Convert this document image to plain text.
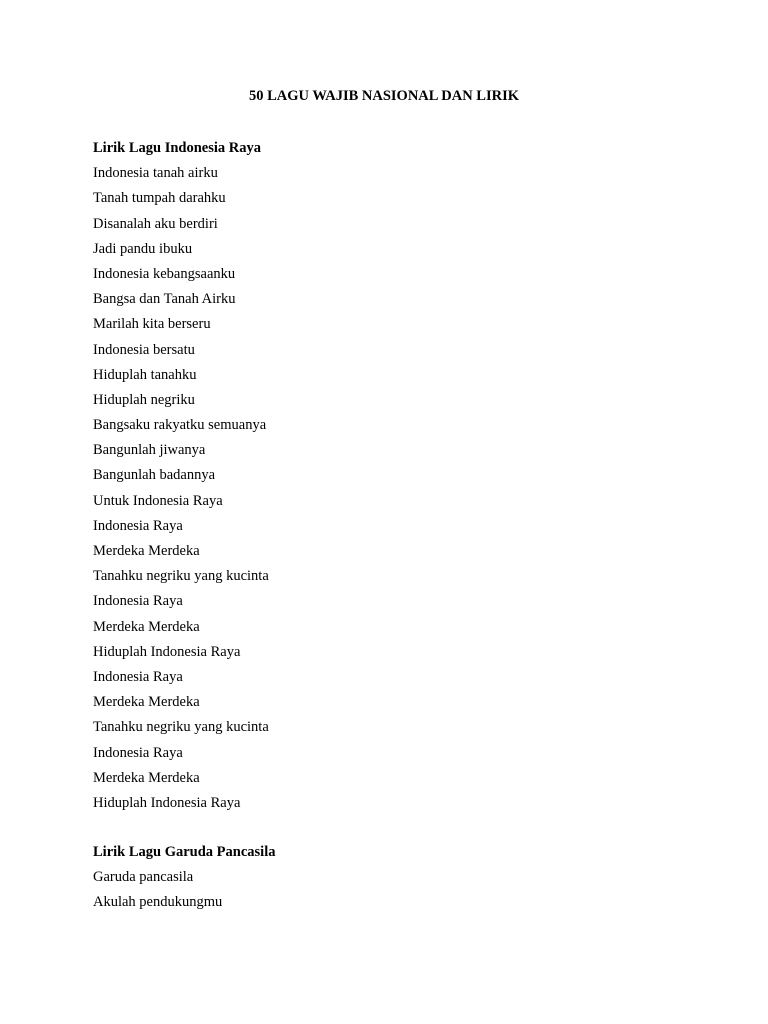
50 LAGU WAJIB NASIONAL DAN LIRIK
Lirik Lagu Indonesia Raya
Indonesia tanah airku
Tanah tumpah darahku
Disanalah aku berdiri
Jadi pandu ibuku
Indonesia kebangsaanku
Bangsa dan Tanah Airku
Marilah kita berseru
Indonesia bersatu
Hiduplah tanahku
Hiduplah negriku
Bangsaku rakyatku semuanya
Bangunlah jiwanya
Bangunlah badannya
Untuk Indonesia Raya
Indonesia Raya
Merdeka Merdeka
Tanahku negriku yang kucinta
Indonesia Raya
Merdeka Merdeka
Hiduplah Indonesia Raya
Indonesia Raya
Merdeka Merdeka
Tanahku negriku yang kucinta
Indonesia Raya
Merdeka Merdeka
Hiduplah Indonesia Raya
Lirik Lagu Garuda Pancasila
Garuda pancasila
Akulah pendukungmu
